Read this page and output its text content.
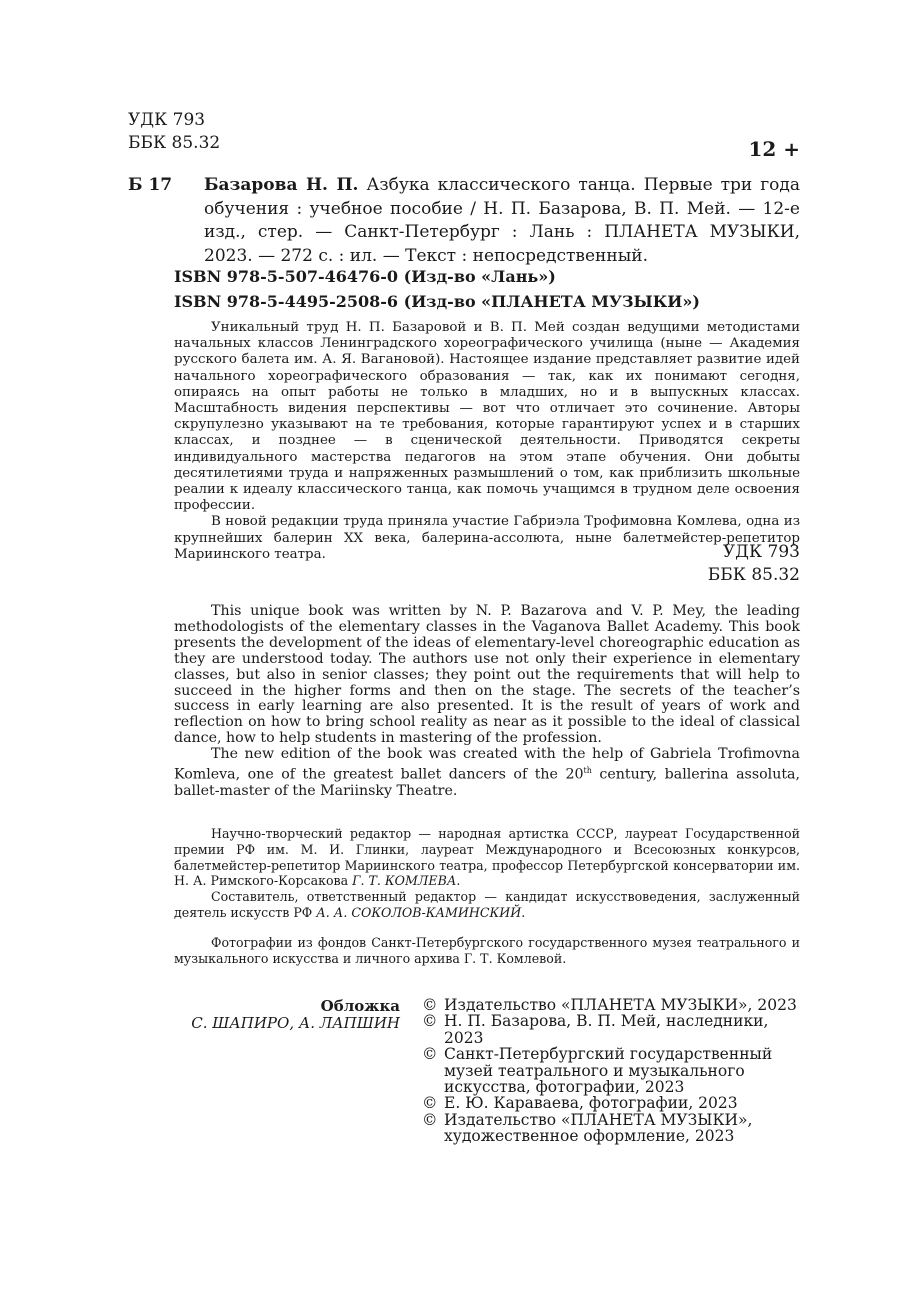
УДК 793
ББК 85.32	12 +
Б 17 Базарова Н. П. Азбука классического танца. Первые три года обучения : учебное пособие / Н. П. Базарова, В. П. Мей. — 12-е изд., стер. — Санкт-Петербург : Лань : ПЛАНЕТА МУЗЫКИ, 2023. — 272 с. : ил. — Текст : непосредственный.
ISBN 978-5-507-46476-0 (Изд-во «Лань»)
ISBN 978-5-4495-2508-6 (Изд-во «ПЛАНЕТА МУЗЫКИ»)

Уникальный труд Н. П. Базаровой и В. П. Мей создан ведущими методистами начальных классов Ленинградского хореографического училища (ныне — Академия русского балета им. А. Я. Вагановой). Настоящее издание представляет развитие идей начального хореографического образования — так, как их понимают сегодня, опираясь на опыт работы не только в младших, но и в выпускных классах. Масштабность видения перспективы — вот что отличает это сочинение. Авторы скрупулезно указывают на те требования, которые гарантируют успех и в старших классах, и позднее — в сценической деятельности. Приводятся секреты индивидуального мастерства педагогов на этом этапе обучения. Они добыты десятилетиями труда и напряженных размышлений о том, как приблизить школьные реалии к идеалу классического танца, как помочь учащимся в трудном деле освоения профессии.

В новой редакции труда приняла участие Габриэла Трофимовна Комлева, одна из крупнейших балерин XX века, балерина-ассолюта, ныне балетмейстер-репетитор Мариинского театра.	УДК 793
ББК 85.32

This unique book was written by N. P. Bazarova and V. P. Mey, the leading methodologists of the elementary classes in the Vaganova Ballet Academy. This book presents the development of the ideas of elementary-level choreographic education as they are understood today. The authors use not only their experience in elementary classes, but also in senior classes; they point out the requirements that will help to succeed in the higher forms and then on the stage. The secrets of the teacher’s success in early learning are also presented. It is the result of years of work and reflection on how to bring school reality as near as it possible to the ideal of classical dance, how to help students in mastering of the profession.

The new edition of the book was created with the help of Gabriela Trofimovna Komleva, one of the greatest ballet dancers of the 20th century, ballerina assoluta, ballet-master of the Mariinsky Theatre.

Научно-творческий редактор — народная артистка СССР, лауреат Государственной премии РФ им. М. И. Глинки, лауреат Международного и Всесоюзных конкурсов, балетмейстер-репетитор Мариинского театра, профессор Петербургской консерватории им. Н. А. Римского-Корсакова Г. Т. КОМЛЕВА.

Составитель, ответственный редактор — кандидат искусствоведения, заслуженный деятель искусств РФ А. А. СОКОЛОВ-КАМИНСКИЙ.

Фотографии из фондов Санкт-Петербургского государственного музея театрального и музыкального искусства и личного архива Г. Т. Комлевой.

Обложка
С. ШАПИРО, А. ЛАПШИН
© Издательство «ПЛАНЕТА МУЗЫКИ», 2023
© Н. П. Базарова, В. П. Мей, наследники, 2023
© Санкт-Петербургский государственный музей театрального и музыкального искусства, фотографии, 2023
© Е. Ю. Караваева, фотографии, 2023
© Издательство «ПЛАНЕТА МУЗЫКИ», художественное оформление, 2023
